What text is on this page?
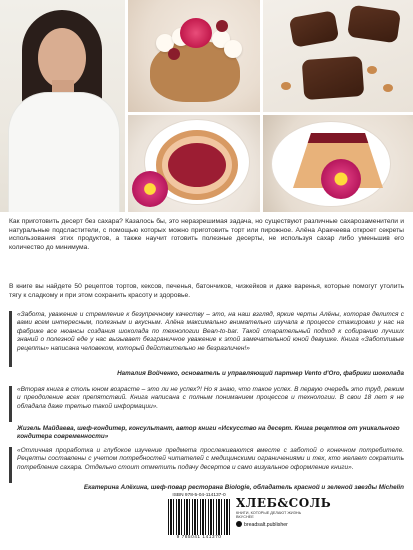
Как приготовить десерт без сахара? Казалось бы, это неразрешимая задача, но существуют различные сахарозаменители и натуральные подсластители, с помощью которых можно приготовить торт или пирожное. Алёна Аракчеева откроет секреты использования этих продуктов, а также научит готовить полезные десерты, не используя сахар либо уменьшив его количество до минимума.

В книге вы найдете 50 рецептов тортов, кексов, печенья, батончиков, чизкейков и даже варенья, которые помогут утолить тягу к сладкому и при этом сохранить красоту и здоровье.

«Забота, уважение и стремление к безупречному качеству – это, на наш взгляд, яркие черты Алёны, которая делится с вами всем интересным, полезным и вкусным. Алёна максимально внимательно изучала в процессе стажировки у нас на фабрике все нюансы создания шоколада по технологии Bean-to-bar. Такой старательный подход к собиранию лучших знаний о полезной еде у нас вызывает безграничное уважение к этой замечательной юной девушке. Книга «Заботливые рецепты» написана человеком, который действительно не безразличен!»

Наталия Войченко, основатель и управляющий партнер Vento d'Oro, фабрики шоколада

«Вторая книга в столь юном возрасте – это ли не успех?! Но я знаю, что такое успех. В первую очередь это труд, режим и преодоление всех препятствий. Книга написана с полным пониманием процессов и технологии. В свои 18 лет я не обладала даже третью такой информации».

Жизель Майдаева, шеф-кондитер, консультант, автор книги «Искусство на десерт. Книга рецептов от уникального кондитера современности»

«Отличная проработка и глубокое изучение предмета прослеживаются вместе с заботой о конечном потребителе. Рецепты составлены с учетом потребностей читателей с медицинскими ограничениями и тех, кто желает сократить потребление сахара. Отдельно стоит отметить подачу десертов и само визуальное оформление книги».

Екатерина Алёхина, шеф-повар ресторана Biologie, обладатель красной и зеленой звезды Michelin

ISBN 978-5-04-114137-0
9 785041 141370
ХЛЕБ&СОЛЬ
КНИГИ, КОТОРЫЕ ДЕЛАЮТ ЖИЗНЬ ВКУСНЕЕ
breadsalt.publisher
